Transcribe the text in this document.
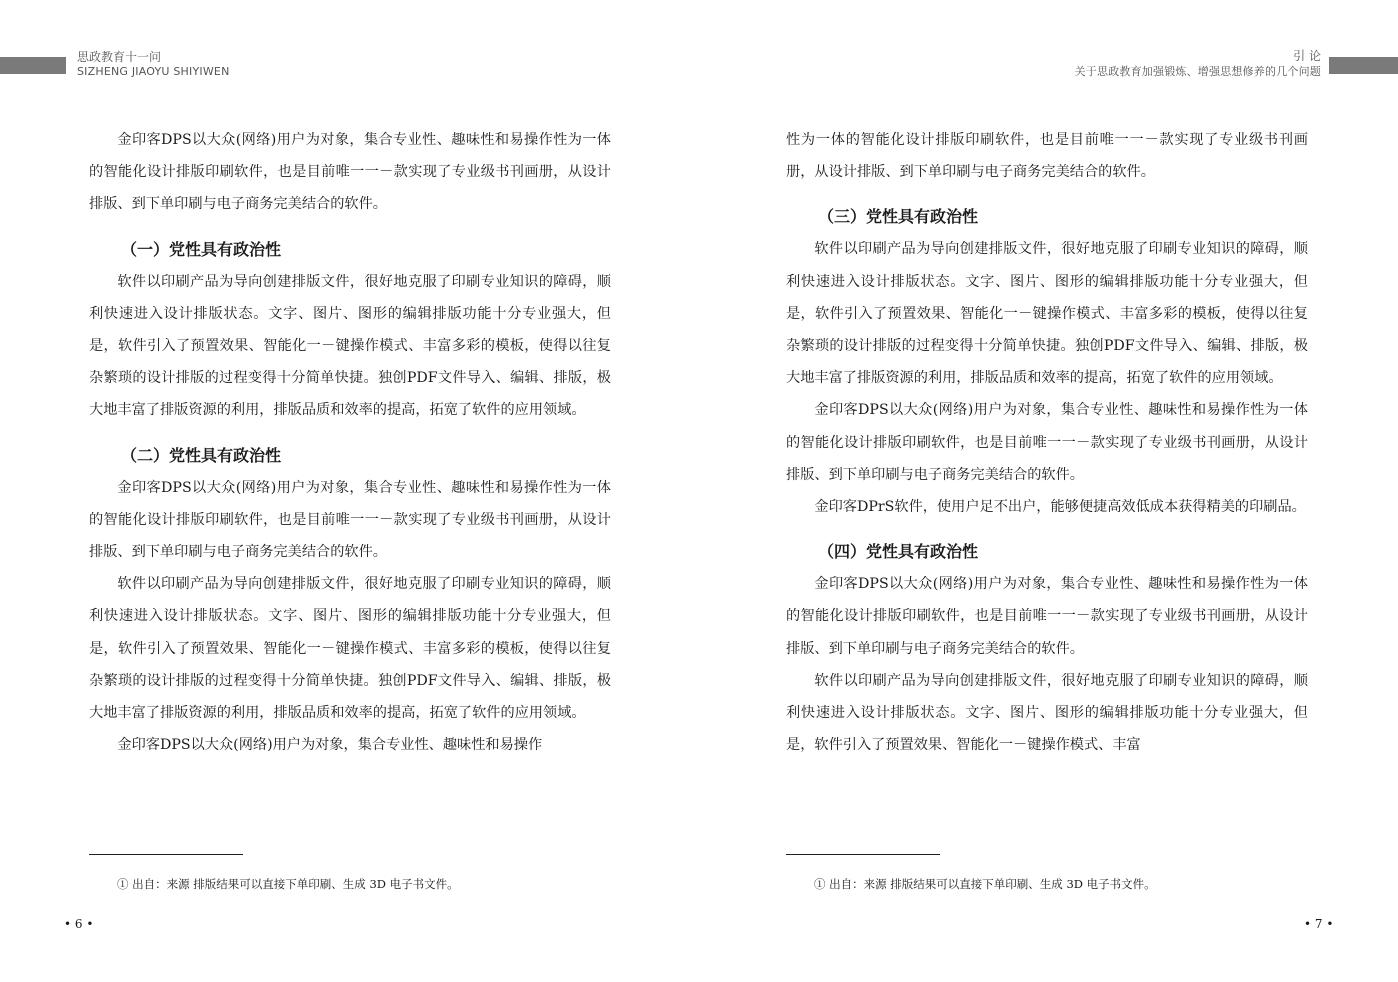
思政教育十一问
SIZHENG JIAOYU SHIYIWEN

金印客DPS以大众(网络)用户为对象，集合专业性、趣味性和易操作性为一体的智能化设计排版印刷软件，也是目前唯一一－款实现了专业级书刊画册，从设计排版、到下单印刷与电子商务完美结合的软件。

（一）党性具有政治性

软件以印刷产品为导向创建排版文件，很好地克服了印刷专业知识的障碍，顺利快速进入设计排版状态。文字、图片、图形的编辑排版功能十分专业强大，但是，软件引入了预置效果、智能化一－键操作模式、丰富多彩的模板，使得以往复杂繁琐的设计排版的过程变得十分简单快捷。独创PDF文件导入、编辑、排版，极大地丰富了排版资源的利用，排版品质和效率的提高，拓宽了软件的应用领域。

（二）党性具有政治性

金印客DPS以大众(网络)用户为对象，集合专业性、趣味性和易操作性为一体的智能化设计排版印刷软件，也是目前唯一一－款实现了专业级书刊画册，从设计排版、到下单印刷与电子商务完美结合的软件。

软件以印刷产品为导向创建排版文件，很好地克服了印刷专业知识的障碍，顺利快速进入设计排版状态。文字、图片、图形的编辑排版功能十分专业强大，但是，软件引入了预置效果、智能化一－键操作模式、丰富多彩的模板，使得以往复杂繁琐的设计排版的过程变得十分简单快捷。独创PDF文件导入、编辑、排版，极大地丰富了排版资源的利用，排版品质和效率的提高，拓宽了软件的应用领域。

金印客DPS以大众(网络)用户为对象，集合专业性、趣味性和易操作

① 出自：来源 排版结果可以直接下单印刷、生成 3D 电子书文件。
• 6 •
引 论
关于思政教育加强锻炼、增强思想修养的几个问题

性为一体的智能化设计排版印刷软件，也是目前唯一一－款实现了专业级书刊画册，从设计排版、到下单印刷与电子商务完美结合的软件。

（三）党性具有政治性

软件以印刷产品为导向创建排版文件，很好地克服了印刷专业知识的障碍，顺利快速进入设计排版状态。文字、图片、图形的编辑排版功能十分专业强大，但是，软件引入了预置效果、智能化一－键操作模式、丰富多彩的模板，使得以往复杂繁琐的设计排版的过程变得十分简单快捷。独创PDF文件导入、编辑、排版，极大地丰富了排版资源的利用，排版品质和效率的提高，拓宽了软件的应用领域。

金印客DPS以大众(网络)用户为对象，集合专业性、趣味性和易操作性为一体的智能化设计排版印刷软件，也是目前唯一一－款实现了专业级书刊画册，从设计排版、到下单印刷与电子商务完美结合的软件。

金印客DPrS软件，使用户足不出户，能够便捷高效低成本获得精美的印刷品。

（四）党性具有政治性

金印客DPS以大众(网络)用户为对象，集合专业性、趣味性和易操作性为一体的智能化设计排版印刷软件，也是目前唯一一－款实现了专业级书刊画册，从设计排版、到下单印刷与电子商务完美结合的软件。

软件以印刷产品为导向创建排版文件，很好地克服了印刷专业知识的障碍，顺利快速进入设计排版状态。文字、图片、图形的编辑排版功能十分专业强大，但是，软件引入了预置效果、智能化一－键操作模式、丰富

① 出自：来源 排版结果可以直接下单印刷、生成 3D 电子书文件。
• 7 •
